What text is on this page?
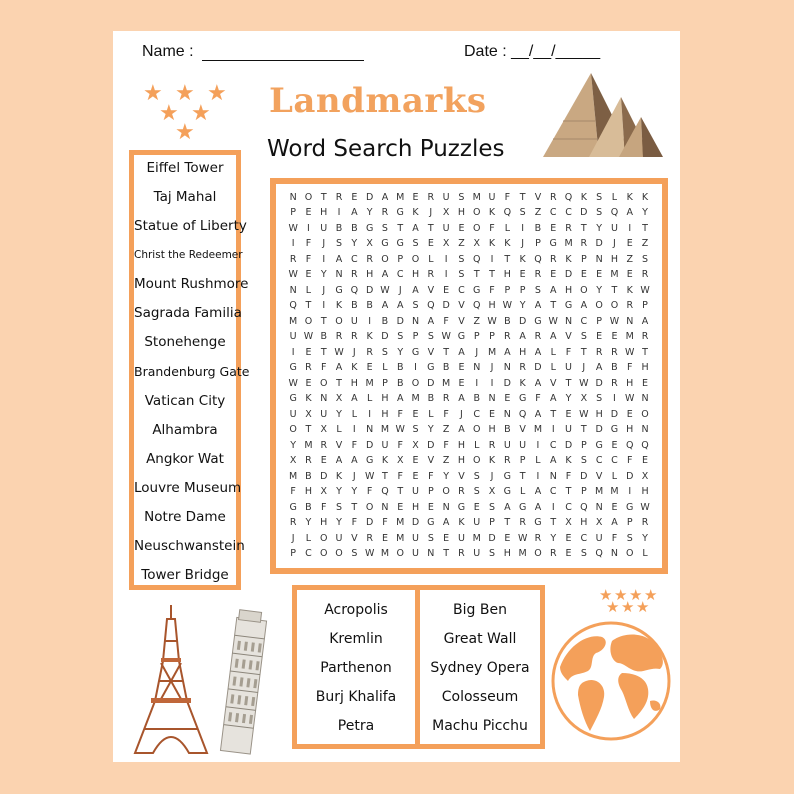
Name :	Date : __/__/_____
★ ★ ★
★ ★
★
Landmarks
Word Search Puzzles
Eiffel Tower
Taj Mahal
Statue of Liberty
Christ the Redeemer
Mount Rushmore
Sagrada Familia
Stonehenge
Brandenburg Gate
Vatican City
Alhambra
Angkor Wat
Louvre Museum
Notre Dame
Neuschwanstein
Tower Bridge
N O T R E D A M E R U S M U F	T V R Q K S	L	K K
P E H	I	A Y R G K	J	X H O K Q S Z C C D S Q A Y
W I	U B B G S T A T U E O F	L	I	B E R T	Y U	I	T
I	F	J	S Y X G G S E X Z X K K	J	P G M R D	J	E Z
R F	I	A C R O P O L	I	S Q	I	T K Q R K P N H Z S
W E Y N R H A C H R	I	S T T H E R E D E E M E R
N L	J	G Q D W J	A V E C G F	P	P S A H O Y T K W
Q T	I	K B B A A S Q D V Q H W Y A T G A O O R P
M O T O U	I	B D N A F V Z W B D G W N C P W N A
U W B R R K D S P S W G P	P R A R A V S E E M R
I	E T W J	R S Y G V T A	J	M A H A L	F	T R R W T
G R F A K E	L B	I	G B E N	J	N R D L U	J	A B F H
W E O T H M P B O D M E	I	I	D K A V T W D R H E
G K N X A L H A M B R A B N E G F A Y X S	I W N
U X U Y	L	I	H F	E	L	F	J	C E N Q A T E W H D E O
O T X L	I	N M W S Y Z A O H B V M	I	U T D G H N
Y M R V F D U F X D F H L R U U	I	C D P G E Q Q
X R E A A G K X E V Z H O K R P	L A K S C C F	E
M B D K	J W T	F	E	F	Y V S	J	G T	I	N F D V L D X
F H X Y Y	F Q T U P O R S X G L A C T	P M M	I	H
G B F	S T O N E H E N G E S A G A	I	C Q N E G W
R Y H Y	F D F M D G A K U P	T R G T X H X A P R
J	L O U V R E M U S E U M D E W R Y E C U F	S Y
P C O O S W M O U N T R U S H M O R E S Q N O L
Acropolis
Kremlin
Parthenon
Burj Khalifa
Petra
Big Ben
Great Wall
Sydney Opera
Colosseum
Machu Picchu
★ ★ ★ ★
★ ★ ★
